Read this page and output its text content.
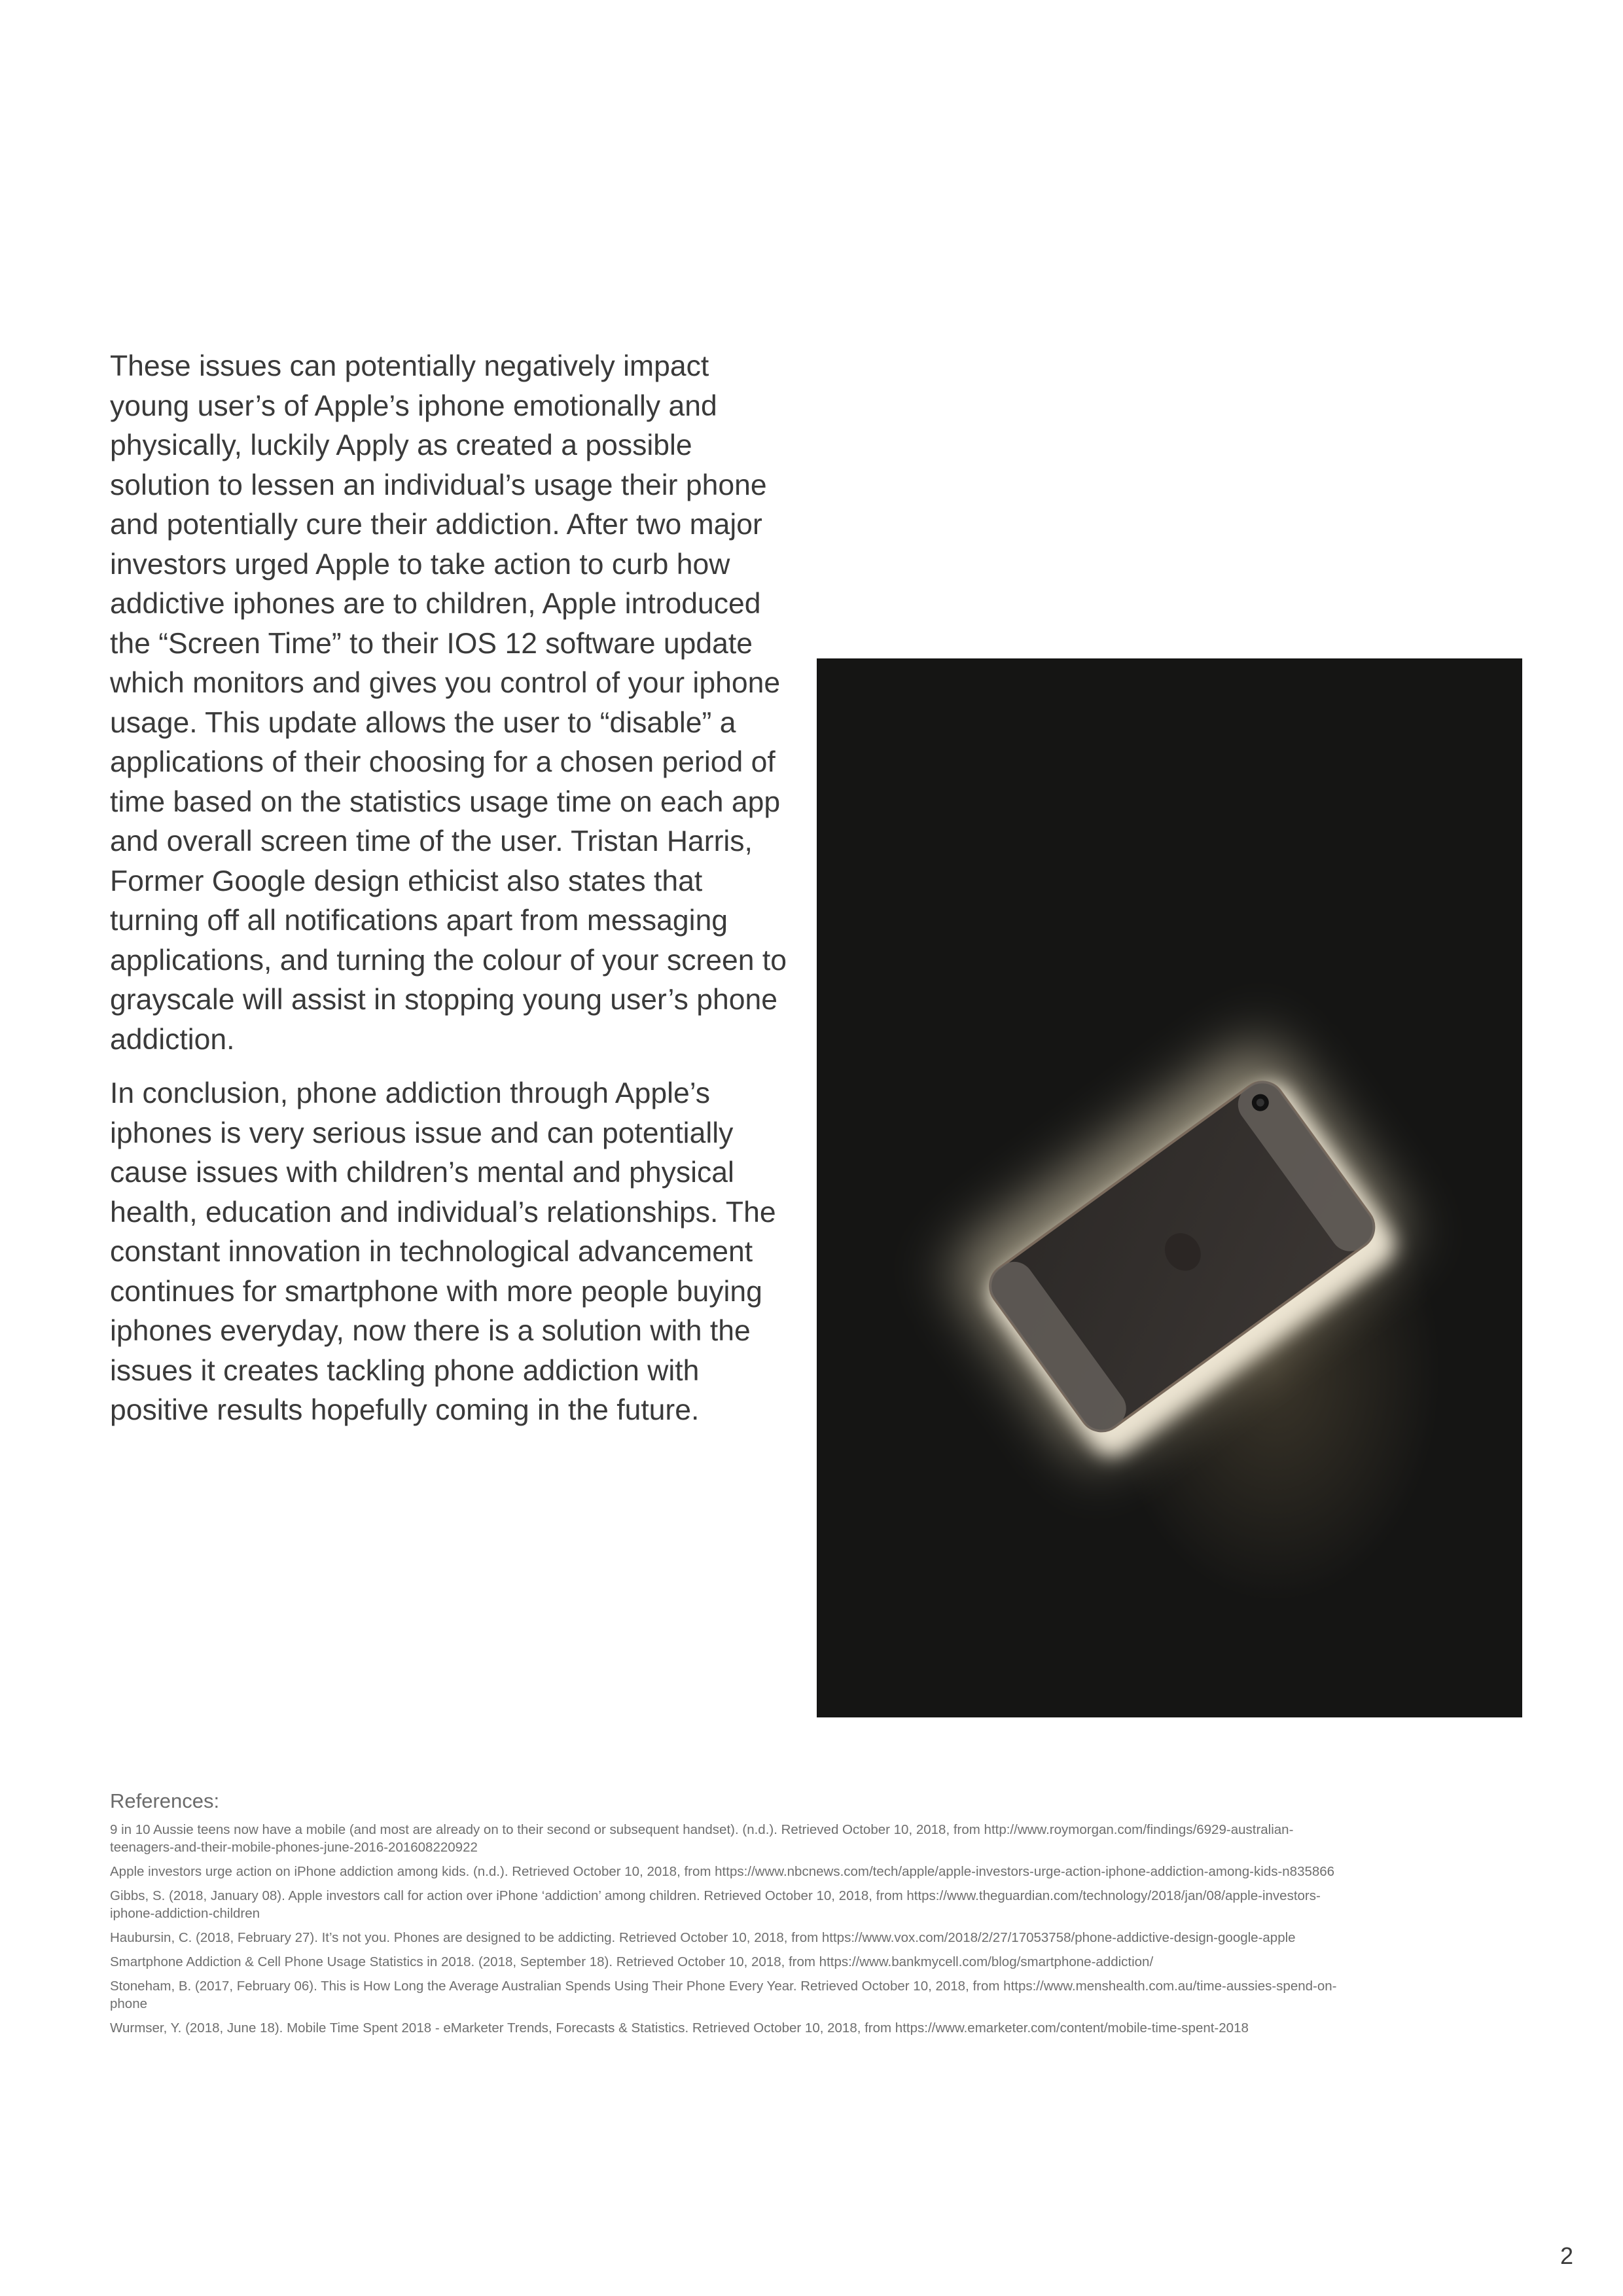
These issues can potentially negatively impact young user’s of Apple’s iphone emotionally and physically, luckily Apply as created a possible solution to lessen an individual’s usage their phone and potentially cure their addiction. After two major investors urged Apple to take action to curb how addictive iphones are to children, Apple introduced the “Screen Time” to their IOS 12 software update which monitors and gives you control of your iphone usage. This update allows the user to “disable” a applications of their choosing for a chosen period of time based on the statistics usage time on each app and overall screen time of the user. Tristan Harris, Former Google design ethicist also states that turning off all notifications apart from messaging applications, and turning the colour of your screen to grayscale will assist in stopping young user’s phone addiction.

In conclusion, phone addiction through Apple’s iphones is very serious issue and can potentially cause issues with children’s mental and physical health, education and individual’s relationships. The constant innovation in technological advancement continues for smartphone with more people buying iphones everyday, now there is a solution with the issues it creates tackling phone addiction with positive results hopefully coming in the future.

References:

9 in 10 Aussie teens now have a mobile (and most are already on to their second or subsequent handset). (n.d.). Retrieved October 10, 2018, from http://www.roymorgan.com/findings/6929-australian-teenagers-and-their-mobile-phones-june-2016-201608220922

Apple investors urge action on iPhone addiction among kids. (n.d.). Retrieved October 10, 2018, from https://www.nbcnews.com/tech/apple/apple-investors-urge-action-iphone-addiction-among-kids-n835866

Gibbs, S. (2018, January 08). Apple investors call for action over iPhone ‘addiction’ among children. Retrieved October 10, 2018, from https://www.theguardian.com/technology/2018/jan/08/apple-investors-iphone-addiction-children

Haubursin, C. (2018, February 27). It’s not you. Phones are designed to be addicting. Retrieved October 10, 2018, from https://www.vox.com/2018/2/27/17053758/phone-addictive-design-google-apple

Smartphone Addiction & Cell Phone Usage Statistics in 2018. (2018, September 18). Retrieved October 10, 2018, from https://www.bankmycell.com/blog/smartphone-addiction/

Stoneham, B. (2017, February 06). This is How Long the Average Australian Spends Using Their Phone Every Year. Retrieved October 10, 2018, from https://www.menshealth.com.au/time-aussies-spend-on-phone

Wurmser, Y. (2018, June 18). Mobile Time Spent 2018 - eMarketer Trends, Forecasts & Statistics. Retrieved October 10, 2018, from https://www.emarketer.com/content/mobile-time-spent-2018

2
